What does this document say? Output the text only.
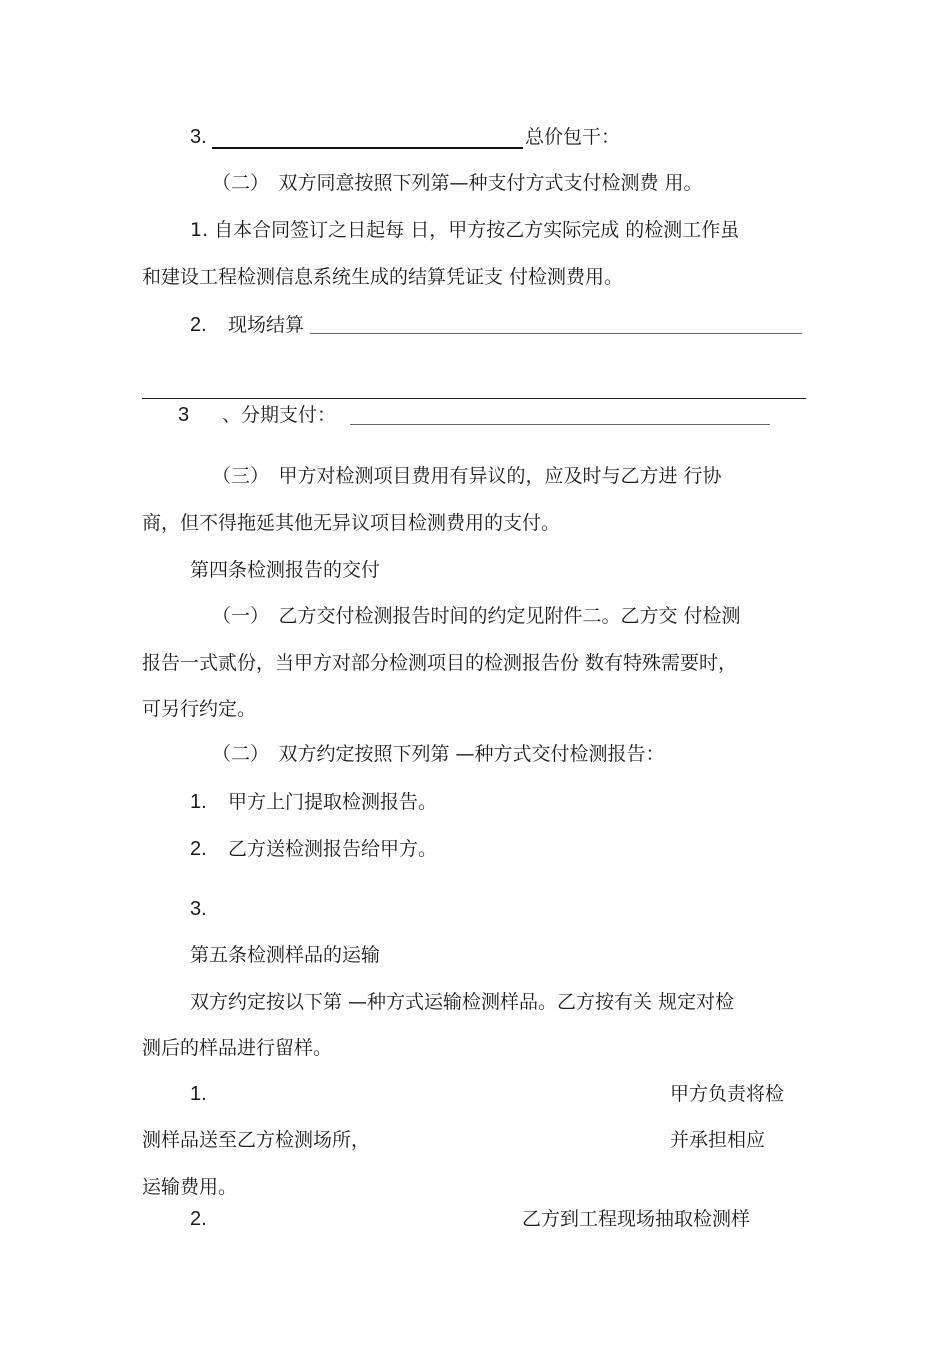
3.	总价包干：
（二）　双方同意按照下列第—种支付方式支付检测费 用。
1. 自本合同签订之日起每 日，甲方按乙方实际完成 的检测工作虽
和建设工程检测信息系统生成的结算凭证支 付检测费用。
2. 现场结算
3 、分期支付：
（三）　甲方对检测项目费用有异议的，应及时与乙方进 行协
商，但不得拖延其他无异议项目检测费用的支付。
第四条检测报告的交付
（一）　乙方交付检测报告时间的约定见附件二。乙方交 付检测
报告一式贰份，当甲方对部分检测项目的检测报告份 数有特殊需要时，
可另行约定。
（二）　双方约定按照下列第 —种方式交付检测报告：
1. 甲方上门提取检测报告。
2. 乙方送检测报告给甲方。
3.
第五条检测样品的运输
双方约定按以下第 —种方式运输检测样品。乙方按有关 规定对检
测后的样品进行留样。
1.	甲方负责将检
测样品送至乙方检测场所，	并承担相应
运输费用。
2.	乙方到工程现场抽取检测样
